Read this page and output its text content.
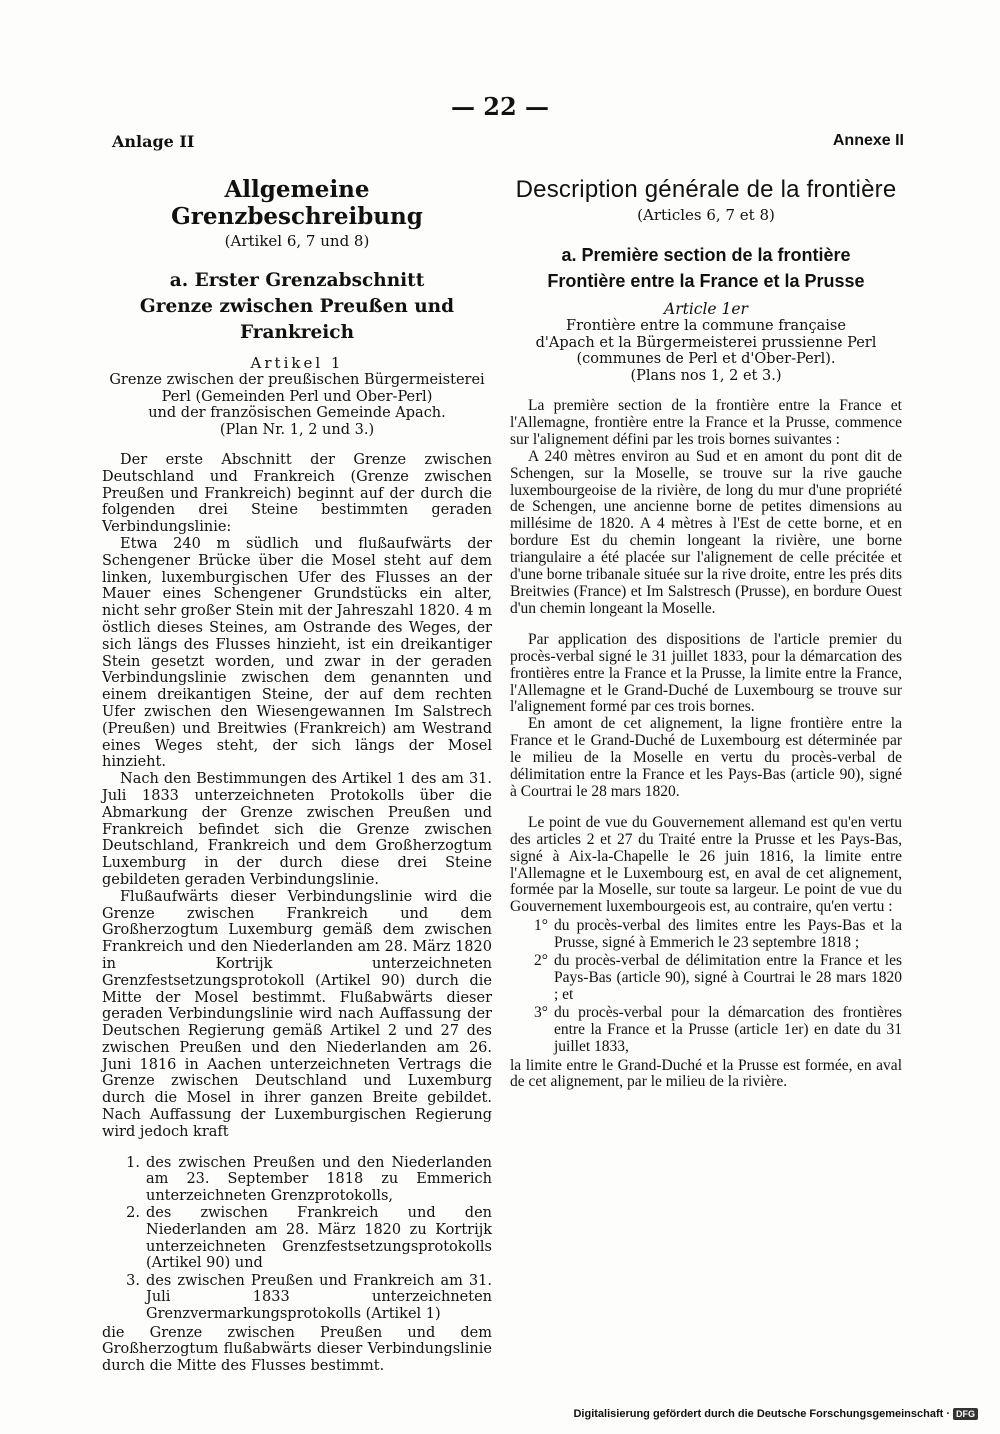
— 22 —
Anlage II	Annexe II
Allgemeine Grenzbeschreibung
(Artikel 6, 7 und 8)
a. Erster Grenzabschnitt
Grenze zwischen Preußen und Frankreich
Artikel 1
Grenze zwischen der preußischen Bürgermeisterei
Perl (Gemeinden Perl und Ober-Perl)
und der französischen Gemeinde Apach.
(Plan Nr. 1, 2 und 3.)

Der erste Abschnitt der Grenze zwischen Deutschland und Frankreich (Grenze zwischen Preußen und Frankreich) beginnt auf der durch die folgenden drei Steine bestimmten geraden Verbindungslinie:

Etwa 240 m südlich und flußaufwärts der Schengener Brücke über die Mosel steht auf dem linken, luxemburgischen Ufer des Flusses an der Mauer eines Schengener Grundstücks ein alter, nicht sehr großer Stein mit der Jahreszahl 1820. 4 m östlich dieses Steines, am Ostrande des Weges, der sich längs des Flusses hinzieht, ist ein dreikantiger Stein gesetzt worden, und zwar in der geraden Verbindungslinie zwischen dem genannten und einem dreikantigen Steine, der auf dem rechten Ufer zwischen den Wiesengewannen Im Salstrech (Preußen) und Breitwies (Frankreich) am Westrand eines Weges steht, der sich längs der Mosel hinzieht.

Nach den Bestimmungen des Artikel 1 des am 31. Juli 1833 unterzeichneten Protokolls über die Abmarkung der Grenze zwischen Preußen und Frankreich befindet sich die Grenze zwischen Deutschland, Frankreich und dem Großherzogtum Luxemburg in der durch diese drei Steine gebildeten geraden Verbindungslinie.

Flußaufwärts dieser Verbindungslinie wird die Grenze zwischen Frankreich und dem Großherzogtum Luxemburg gemäß dem zwischen Frankreich und den Niederlanden am 28. März 1820 in Kortrijk unterzeichneten Grenzfestsetzungsprotokoll (Artikel 90) durch die Mitte der Mosel bestimmt. Flußabwärts dieser geraden Verbindungslinie wird nach Auffassung der Deutschen Regierung gemäß Artikel 2 und 27 des zwischen Preußen und den Niederlanden am 26. Juni 1816 in Aachen unterzeichneten Vertrags die Grenze zwischen Deutschland und Luxemburg durch die Mosel in ihrer ganzen Breite gebildet. Nach Auffassung der Luxemburgischen Regierung wird jedoch kraft

1. des zwischen Preußen und den Niederlanden am 23. September 1818 zu Emmerich unterzeichneten Grenzprotokolls,
2. des zwischen Frankreich und den Niederlanden am 28. März 1820 zu Kortrijk unterzeichneten Grenzfestsetzungsprotokolls (Artikel 90) und
3. des zwischen Preußen und Frankreich am 31. Juli 1833 unterzeichneten Grenzvermarkungsprotokolls (Artikel 1)
die Grenze zwischen Preußen und dem Großherzogtum flußabwärts dieser Verbindungslinie durch die Mitte des Flusses bestimmt.
Description générale de la frontière
(Articles 6, 7 et 8)
a. Première section de la frontière
Frontière entre la France et la Prusse
Article 1er
Frontière entre la commune française
d'Apach et la Bürgermeisterei prussienne Perl
(communes de Perl et d'Ober-Perl).
(Plans nos 1, 2 et 3.)

La première section de la frontière entre la France et l'Allemagne, frontière entre la France et la Prusse, commence sur l'alignement défini par les trois bornes suivantes :

A 240 mètres environ au Sud et en amont du pont dit de Schengen, sur la Moselle, se trouve sur la rive gauche luxembourgeoise de la rivière, de long du mur d'une propriété de Schengen, une ancienne borne de petites dimensions au millésime de 1820. A 4 mètres à l'Est de cette borne, et en bordure Est du chemin longeant la rivière, une borne triangulaire a été placée sur l'alignement de celle précitée et d'une borne tribanale située sur la rive droite, entre les prés dits Breitwies (France) et Im Salstresch (Prusse), en bordure Ouest d'un chemin longeant la Moselle.

Par application des dispositions de l'article premier du procès-verbal signé le 31 juillet 1833, pour la démarcation des frontières entre la France et la Prusse, la limite entre la France, l'Allemagne et le Grand-Duché de Luxembourg se trouve sur l'alignement formé par ces trois bornes.

En amont de cet alignement, la ligne frontière entre la France et le Grand-Duché de Luxembourg est déterminée par le milieu de la Moselle en vertu du procès-verbal de délimitation entre la France et les Pays-Bas (article 90), signé à Courtrai le 28 mars 1820.

Le point de vue du Gouvernement allemand est qu'en vertu des articles 2 et 27 du Traité entre la Prusse et les Pays-Bas, signé à Aix-la-Chapelle le 26 juin 1816, la limite entre l'Allemagne et le Luxembourg est, en aval de cet alignement, formée par la Moselle, sur toute sa largeur. Le point de vue du Gouvernement luxembourgeois est, au contraire, qu'en vertu :

1° du procès-verbal des limites entre les Pays-Bas et la Prusse, signé à Emmerich le 23 septembre 1818 ;
2° du procès-verbal de délimitation entre la France et les Pays-Bas (article 90), signé à Courtrai le 28 mars 1820 ; et
3° du procès-verbal pour la démarcation des frontières entre la France et la Prusse (article 1er) en date du 31 juillet 1833,
la limite entre le Grand-Duché et la Prusse est formée, en aval de cet alignement, par le milieu de la rivière.
Digitalisierung gefördert durch die Deutsche Forschungsgemeinschaft · DFG
